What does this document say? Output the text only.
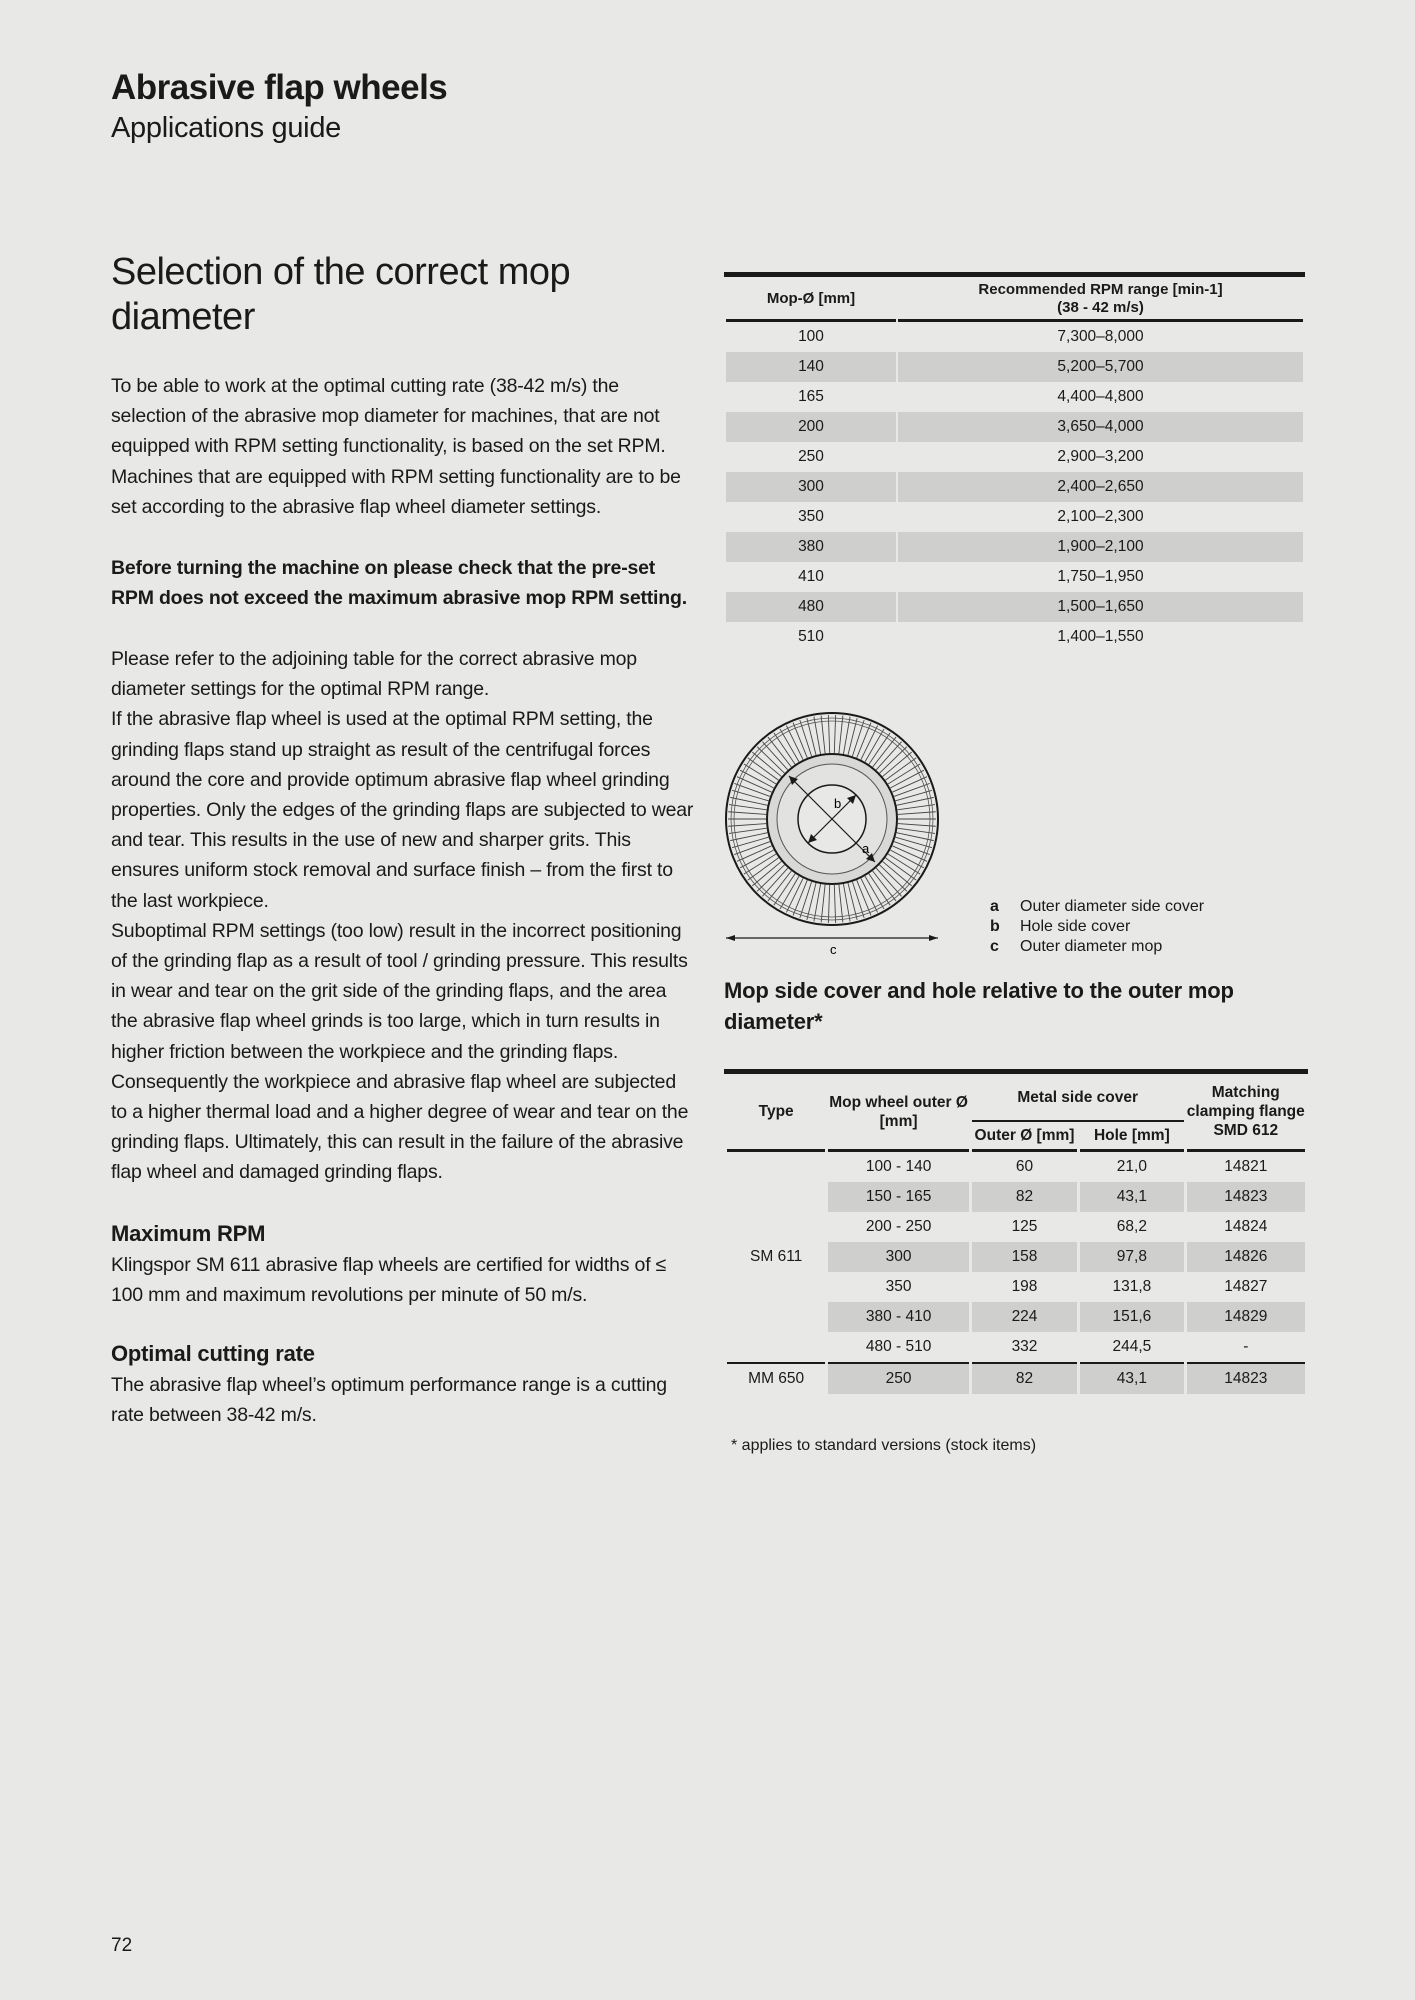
Abrasive flap wheels
Applications guide
Selection of the correct mop diameter
To be able to work at the optimal cutting rate (38-42 m/s) the selection of the abrasive mop diameter for machines, that are not equipped with RPM setting functionality, is based on the set RPM. Machines that are equipped with RPM setting functionality are to be set according to the abrasive flap wheel diameter settings.
Before turning the machine on please check that the pre-set RPM does not exceed the maximum abrasive mop RPM setting.

Please refer to the adjoining table for the correct abrasive mop diameter settings for the optimal RPM range.

If the abrasive flap wheel is used at the optimal RPM setting, the grinding flaps stand up straight as result of the centrifugal forces around the core and provide optimum abrasive flap wheel grinding properties. Only the edges of the grinding flaps are subjected to wear and tear. This results in the use of new and sharper grits. This ensures uniform stock removal and surface finish – from the first to the last workpiece.

Suboptimal RPM settings (too low) result in the incorrect positioning of the grinding flap as a result of tool / grinding pressure. This results in wear and tear on the grit side of the grinding flaps, and the area the abrasive flap wheel grinds is too large, which in turn results in higher friction between the workpiece and the grinding flaps. Consequently the workpiece and abrasive flap wheel are subjected to a higher thermal load and a higher degree of wear and tear on the grinding flaps. Ultimately, this can result in the failure of the abrasive flap wheel and damaged grinding flaps.

Maximum RPM

Klingspor SM 611 abrasive flap wheels are certified for widths of ≤ 100 mm and maximum revolutions per minute of 50 m/s.

Optimal cutting rate

The abrasive flap wheel’s optimum performance range is a cutting rate between 38-42 m/s.

Mop-Ø [mm]	Recommended RPM range [min-1]
(38 - 42 m/s)

100	7,300–8,000
140	5,200–5,700
165	4,400–4,800
200	3,650–4,000
250	2,900–3,200
300	2,400–2,650
350	2,100–2,300
380	1,900–2,100
410	1,750–1,950
480	1,500–1,650
510	1,400–1,550
b
a
c
a Outer diameter side cover
b Hole side cover
c Outer diameter mop
Mop side cover and hole relative to the outer mop diameter*
Type	Mop wheel outer Ø [mm]	Metal side cover		Matching clamping flange SMD 612
		Outer Ø [mm]	Hole [mm]	
SM 611	100 - 140	60	21,0	14821
	150 - 165	82	43,1	14823
	200 - 250	125	68,2	14824
	300	158	97,8	14826
	350	198	131,8	14827
	380 - 410	224	151,6	14829
	480 - 510	332	244,5	-
MM 650	250	82	43,1	14823
* applies to standard versions (stock items)
72
